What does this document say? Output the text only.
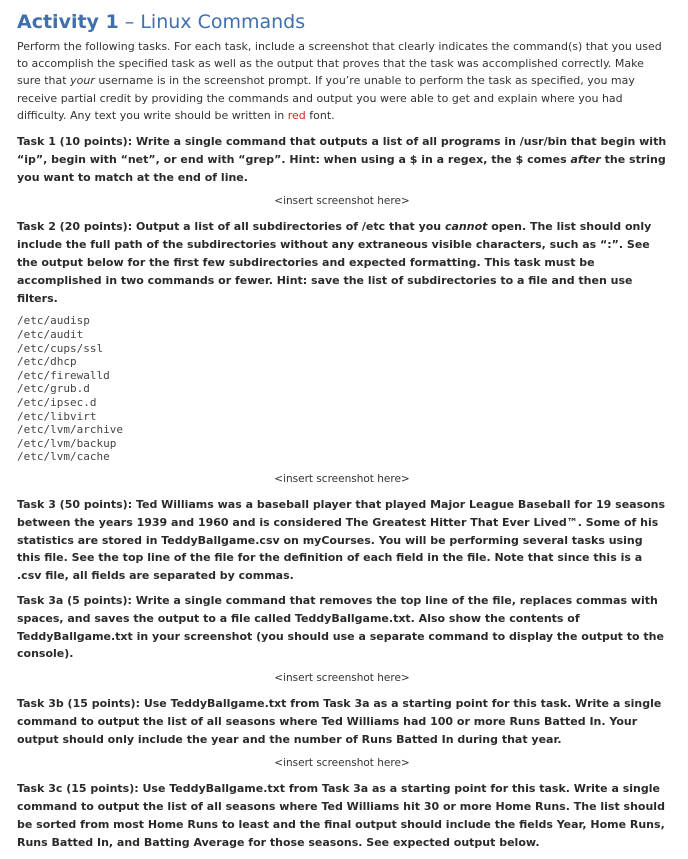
Activity 1 – Linux Commands

Perform the following tasks. For each task, include a screenshot that clearly indicates the command(s) that you used to accomplish the specified task as well as the output that proves that the task was accomplished correctly. Make sure that your username is in the screenshot prompt. If you’re unable to perform the task as specified, you may receive partial credit by providing the commands and output you were able to get and explain where you had difficulty. Any text you write should be written in red font.

Task 1 (10 points): Write a single command that outputs a list of all programs in /usr/bin that begin with “ip”, begin with “net”, or end with “grep”. Hint: when using a $ in a regex, the $ comes after the string you want to match at the end of line.

<insert screenshot here>

Task 2 (20 points): Output a list of all subdirectories of /etc that you cannot open. The list should only include the full path of the subdirectories without any extraneous visible characters, such as “:”. See the output below for the first few subdirectories and expected formatting. This task must be accomplished in two commands or fewer. Hint: save the list of subdirectories to a file and then use filters.

/etc/audisp
/etc/audit
/etc/cups/ssl
/etc/dhcp
/etc/firewalld
/etc/grub.d
/etc/ipsec.d
/etc/libvirt
/etc/lvm/archive
/etc/lvm/backup
/etc/lvm/cache

<insert screenshot here>

Task 3 (50 points): Ted Williams was a baseball player that played Major League Baseball for 19 seasons between the years 1939 and 1960 and is considered The Greatest Hitter That Ever Lived™. Some of his statistics are stored in TeddyBallgame.csv on myCourses. You will be performing several tasks using this file. See the top line of the file for the definition of each field in the file. Note that since this is a .csv file, all fields are separated by commas.

Task 3a (5 points): Write a single command that removes the top line of the file, replaces commas with spaces, and saves the output to a file called TeddyBallgame.txt. Also show the contents of TeddyBallgame.txt in your screenshot (you should use a separate command to display the output to the console).

<insert screenshot here>

Task 3b (15 points): Use TeddyBallgame.txt from Task 3a as a starting point for this task. Write a single command to output the list of all seasons where Ted Williams had 100 or more Runs Batted In. Your output should only include the year and the number of Runs Batted In during that year.

<insert screenshot here>

Task 3c (15 points): Use TeddyBallgame.txt from Task 3a as a starting point for this task. Write a single command to output the list of all seasons where Ted Williams hit 30 or more Home Runs. The list should be sorted from most Home Runs to least and the final output should include the fields Year, Home Runs, Runs Batted In, and Batting Average for those seasons. See expected output below.
